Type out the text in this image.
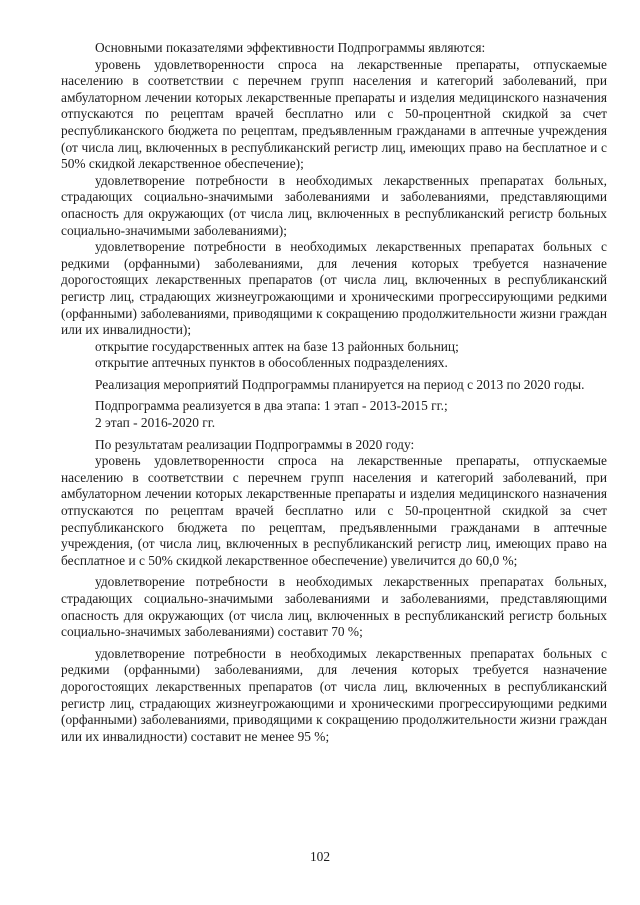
Основными показателями эффективности Подпрограммы являются:

уровень удовлетворенности спроса на лекарственные препараты, отпускаемые населению в соответствии с перечнем групп населения и категорий заболеваний, при амбулаторном лечении которых лекарственные препараты и изделия медицинского назначения отпускаются по рецептам врачей бесплатно или с 50-процентной скидкой за счет республиканского бюджета по рецептам, предъявленным гражданами в аптечные учреждения (от числа лиц, включенных в республиканский регистр лиц, имеющих право на бесплатное и с 50% скидкой лекарственное обеспечение);

удовлетворение потребности в необходимых лекарственных препаратах больных, страдающих социально-значимыми заболеваниями и заболеваниями, представляющими опасность для окружающих (от числа лиц, включенных в республиканский регистр больных социально-значимыми заболеваниями);

удовлетворение потребности в необходимых лекарственных препаратах больных с редкими (орфанными) заболеваниями, для лечения которых требуется назначение дорогостоящих лекарственных препаратов (от числа лиц, включенных в республиканский регистр лиц, страдающих жизнеугрожающими и хроническими прогрессирующими редкими (орфанными) заболеваниями, приводящими к сокращению продолжительности жизни граждан или их инвалидности);

открытие государственных аптек на базе 13 районных больниц;

открытие аптечных пунктов в обособленных подразделениях.

Реализация мероприятий Подпрограммы планируется на период с 2013 по 2020 годы.

Подпрограмма реализуется в два этапа: 1 этап - 2013-2015 гг.;

2 этап - 2016-2020 гг.

По результатам реализации Подпрограммы в 2020 году:

уровень удовлетворенности спроса на лекарственные препараты, отпускаемые населению в соответствии с перечнем групп населения и категорий заболеваний, при амбулаторном лечении которых лекарственные препараты и изделия медицинского назначения отпускаются по рецептам врачей бесплатно или с 50-процентной скидкой за счет республиканского бюджета по рецептам, предъявленными гражданами в аптечные учреждения, (от числа лиц, включенных в республиканский регистр лиц, имеющих право на бесплатное и с 50% скидкой лекарственное обеспечение) увеличится до 60,0 %;

удовлетворение потребности в необходимых лекарственных препаратах больных, страдающих социально-значимыми заболеваниями и заболеваниями, представляющими опасность для окружающих (от числа лиц, включенных в республиканский регистр больных социально-значимых заболеваниями) составит 70 %;

удовлетворение потребности в необходимых лекарственных препаратах больных с редкими (орфанными) заболеваниями, для лечения которых требуется назначение дорогостоящих лекарственных препаратов (от числа лиц, включенных в республиканский регистр лиц, страдающих жизнеугрожающими и хроническими прогрессирующими редкими (орфанными) заболеваниями, приводящими к сокращению продолжительности жизни граждан или их инвалидности) составит не менее 95 %;

102
